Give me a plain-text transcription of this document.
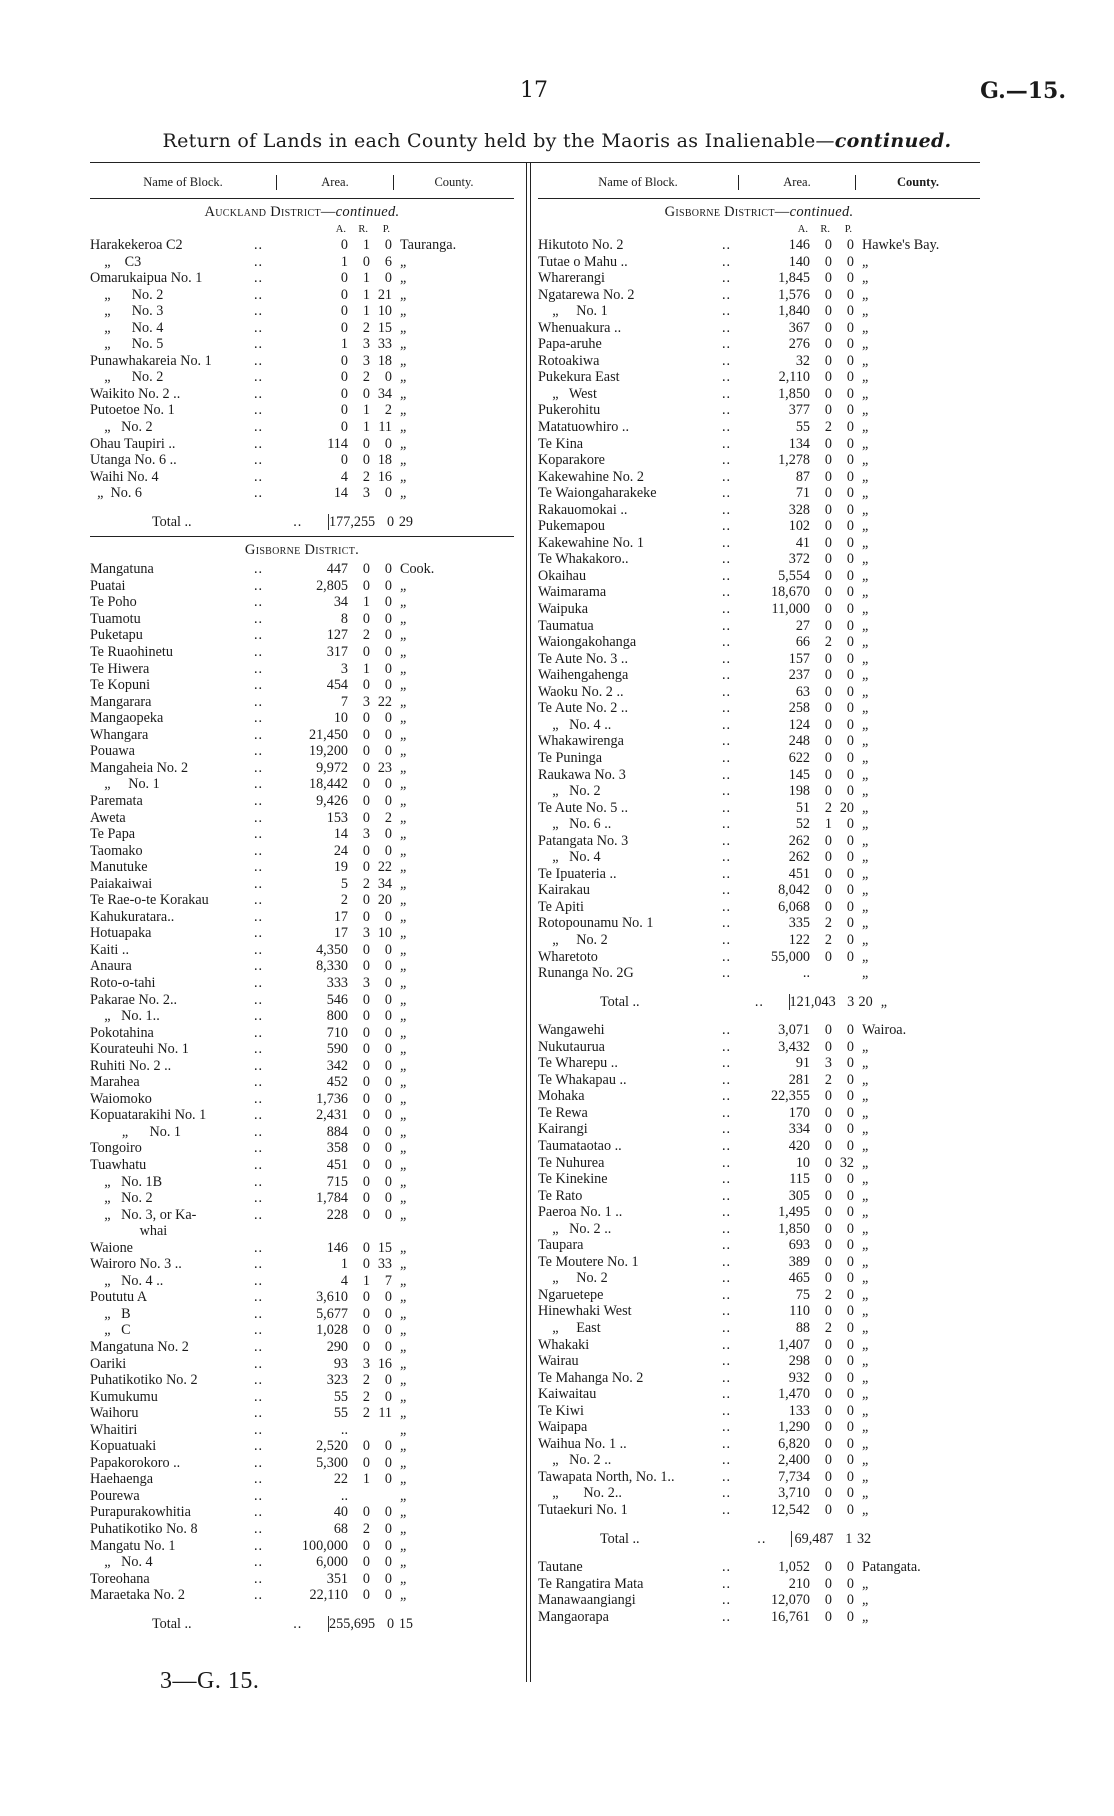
17	G.—15.
Return of Lands in each County held by the Maoris as Inalienable—continued.
Name of Block.	Area.	County.
Auckland District—continued.
A.	R.	P.
Harakekeroa C2	..	0	1	0 Tauranga.
„    C3	..	1	0	6 „
Omarukaipua No. 1	..	0	1	0 „
„      No. 2	..	0	1 21 „
„      No. 3	..	0	1 10 „
„      No. 4	..	0	2 15 „
„      No. 5	..	1	3 33 „
Punawhakareia No. 1	..	0	3 18 „
„      No. 2	..	0	2	0 „
Waikito No. 2 ..	..	0	0 34 „
Putoetoe No. 1	..	0	1	2 „
„   No. 2	..	0	1 11 „
Ohau Taupiri ..	..	114	0	0 „
Utanga No. 6 ..	..	0	0 18 „
Waihi No. 4	..	4	2 16 „
„  No. 6	..	14	3	0 „
Total ..	..	177,255 0 29
Gisborne District.
Mangatuna	..	447	0	0 Cook.
Puatai	..	2,805	0	0 „
Te Poho	..	34	1	0 „
Tuamotu	..	8	0	0 „
Puketapu	..	127	2	0 „
Te Ruaohinetu	..	317	0	0 „
Te Hiwera	..	3	1	0 „
Te Kopuni	..	454	0	0 „
Mangarara	..	7	3 22 „
Mangaopeka	..	10	0	0 „
Whangara	..	21,450	0	0 „
Pouawa	..	19,200	0	0 „
Mangaheia No. 2	..	9,972	0 23 „
„     No. 1	..	18,442	0	0 „
Paremata	..	9,426	0	0 „
Aweta	..	153	0	2 „
Te Papa	..	14	3	0 „
Taomako	..	24	0	0 „
Manutuke	..	19	0 22 „
Paiakaiwai	..	5	2 34 „
Te Rae-o-te Korakau	..	2	0 20 „
Kahukuratara..	..	17	0	0 „
Hotuapaka	..	17	3 10 „
Kaiti ..	..	4,350	0	0 „
Anaura	..	8,330	0	0 „
Roto-o-tahi	..	333	3	0 „
Pakarae No. 2..	..	546	0	0 „
„   No. 1..	..	800	0	0 „
Pokotahina	..	710	0	0 „
Kourateuhi No. 1	..	590	0	0 „
Ruhiti No. 2 ..	..	342	0	0 „
Marahea	..	452	0	0 „
Waiomoko	..	1,736	0	0 „
Kopuatarakihi No. 1	..	2,431	0	0 „
„      No. 1	..	884	0	0 „
Tongoiro	..	358	0	0 „
Tuawhatu	..	451	0	0 „
„   No. 1B	..	715	0	0 „
„   No. 2	..	1,784	0	0 „
„   No. 3, or Ka-	..	228	0	0 „
whai
Waione	..	146	0 15 „
Wairoro No. 3 ..	..	1	0 33 „
„   No. 4 ..	..	4	1	7 „
Poututu A	..	3,610	0	0 „
„   B	..	5,677	0	0 „
„   C	..	1,028	0	0 „
Mangatuna No. 2	..	290	0	0 „
Oariki	..	93	3 16 „
Puhatikotiko No. 2	..	323	2	0 „
Kumukumu	..	55	2	0 „
Waihoru	..	55	2 11 „
Whaitiri	..	..	„
Kopuatuaki	..	2,520	0	0 „
Papakorokoro ..	..	5,300	0	0 „
Haehaenga	..	22	1	0 „
Pourewa	..	..	„
Purapurakowhitia	..	40	0	0 „
Puhatikotiko No. 8	..	68	2	0 „
Mangatu No. 1	..	100,000	0	0 „
„   No. 4	..	6,000	0	0 „
Toreohana	..	351	0	0 „
Maraetaka No. 2	..	22,110	0	0 „
Total ..	..	255,695 0 15
Name of Block.	Area.	County.
Gisborne District—continued.
A.	R.	P.
Hikutoto No. 2	..	146	0	0 Hawke's Bay.
Tutae o Mahu ..	..	140	0	0 „
Wharerangi	..	1,845	0	0 „
Ngatarewa No. 2	..	1,576	0	0 „
„     No. 1	..	1,840	0	0 „
Whenuakura ..	..	367	0	0 „
Papa-aruhe	..	276	0	0 „
Rotoakiwa	..	32	0	0 „
Pukekura East	..	2,110	0	0 „
„   West	..	1,850	0	0 „
Pukerohitu	..	377	0	0 „
Matatuowhiro ..	..	55	2	0 „
Te Kina	..	134	0	0 „
Koparakore	..	1,278	0	0 „
Kakewahine No. 2	..	87	0	0 „
Te Waiongaharakeke	..	71	0	0 „
Rakauomokai ..	..	328	0	0 „
Pukemapou	..	102	0	0 „
Kakewahine No. 1	..	41	0	0 „
Te Whakakoro..	..	372	0	0 „
Okaihau	..	5,554	0	0 „
Waimarama	..	18,670	0	0 „
Waipuka	..	11,000	0	0 „
Taumatua	..	27	0	0 „
Waiongakohanga	..	66	2	0 „
Te Aute No. 3 ..	..	157	0	0 „
Waihengahenga	..	237	0	0 „
Waoku No. 2 ..	..	63	0	0 „
Te Aute No. 2 ..	..	258	0	0 „
„   No. 4 ..	..	124	0	0 „
Whakawirenga	..	248	0	0 „
Te Puninga	..	622	0	0 „
Raukawa No. 3	..	145	0	0 „
„   No. 2	..	198	0	0 „
Te Aute No. 5 ..	..	51	2 20 „
„   No. 6 ..	..	52	1	0 „
Patangata No. 3	..	262	0	0 „
„   No. 4	..	262	0	0 „
Te Ipuateria ..	..	451	0	0 „
Kairakau	..	8,042	0	0 „
Te Apiti	..	6,068	0	0 „
Rotopounamu No. 1	..	335	2	0 „
„     No. 2	..	122	2	0 „
Wharetoto	..	55,000	0	0 „
Runanga No. 2G	..	..	„
Total ..	..	121,043 3 20 „
Wangawehi	..	3,071	0	0 Wairoa.
Nukutaurua	..	3,432	0	0 „
Te Wharepu ..	..	91	3	0 „
Te Whakapau ..	..	281	2	0 „
Mohaka	..	22,355	0	0 „
Te Rewa	..	170	0	0 „
Kairangi	..	334	0	0 „
Taumataotao ..	..	420	0	0 „
Te Nuhurea	..	10	0 32 „
Te Kinekine	..	115	0	0 „
Te Rato	..	305	0	0 „
Paeroa No. 1 ..	..	1,495	0	0 „
„   No. 2 ..	..	1,850	0	0 „
Taupara	..	693	0	0 „
Te Moutere No. 1	..	389	0	0 „
„     No. 2	..	465	0	0 „
Ngaruetepe	..	75	2	0 „
Hinewhaki West	..	110	0	0 „
„     East	..	88	2	0 „
Whakaki	..	1,407	0	0 „
Wairau	..	298	0	0 „
Te Mahanga No. 2	..	932	0	0 „
Kaiwaitau	..	1,470	0	0 „
Te Kiwi	..	133	0	0 „
Waipapa	..	1,290	0	0 „
Waihua No. 1 ..	..	6,820	0	0 „
„   No. 2 ..	..	2,400	0	0 „
Tawapata North, No. 1..	..	7,734	0	0 „
„       No. 2..	..	3,710	0	0 „
Tutaekuri No. 1	..	12,542	0	0 „
Total ..	..	69,487 1 32
Tautane	..	1,052	0	0 Patangata.
Te Rangatira Mata	..	210	0	0 „
Manawaangiangi	..	12,070	0	0 „
Mangaorapa	..	16,761	0	0 „
3—G. 15.
